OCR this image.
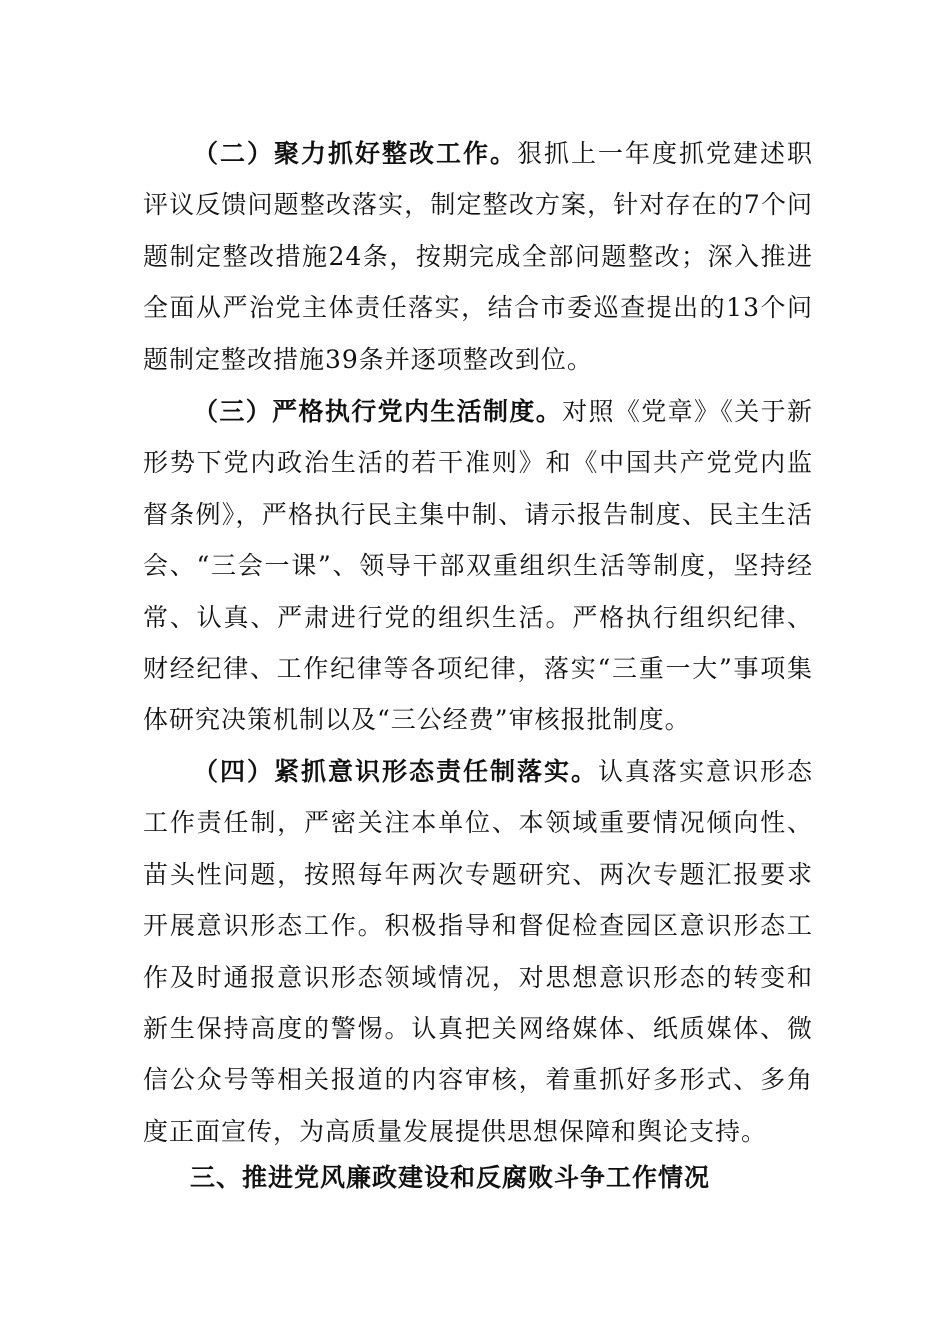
（二）聚力抓好整改工作。狠抓上一年度抓党建述职评议反馈问题整改落实，制定整改方案，针对存在的7个问题制定整改措施24条，按期完成全部问题整改；深入推进全面从严治党主体责任落实，结合市委巡查提出的13个问题制定整改措施39条并逐项整改到位。

（三）严格执行党内生活制度。对照《党章》《关于新形势下党内政治生活的若干准则》和《中国共产党党内监督条例》，严格执行民主集中制、请示报告制度、民主生活会、“三会一课”、领导干部双重组织生活等制度，坚持经常、认真、严肃进行党的组织生活。严格执行组织纪律、财经纪律、工作纪律等各项纪律，落实“三重一大”事项集体研究决策机制以及“三公经费”审核报批制度。

（四）紧抓意识形态责任制落实。认真落实意识形态工作责任制，严密关注本单位、本领域重要情况倾向性、苗头性问题，按照每年两次专题研究、两次专题汇报要求开展意识形态工作。积极指导和督促检查园区意识形态工作及时通报意识形态领域情况，对思想意识形态的转变和新生保持高度的警惕。认真把关网络媒体、纸质媒体、微信公众号等相关报道的内容审核，着重抓好多形式、多角度正面宣传，为高质量发展提供思想保障和舆论支持。

三、推进党风廉政建设和反腐败斗争工作情况
